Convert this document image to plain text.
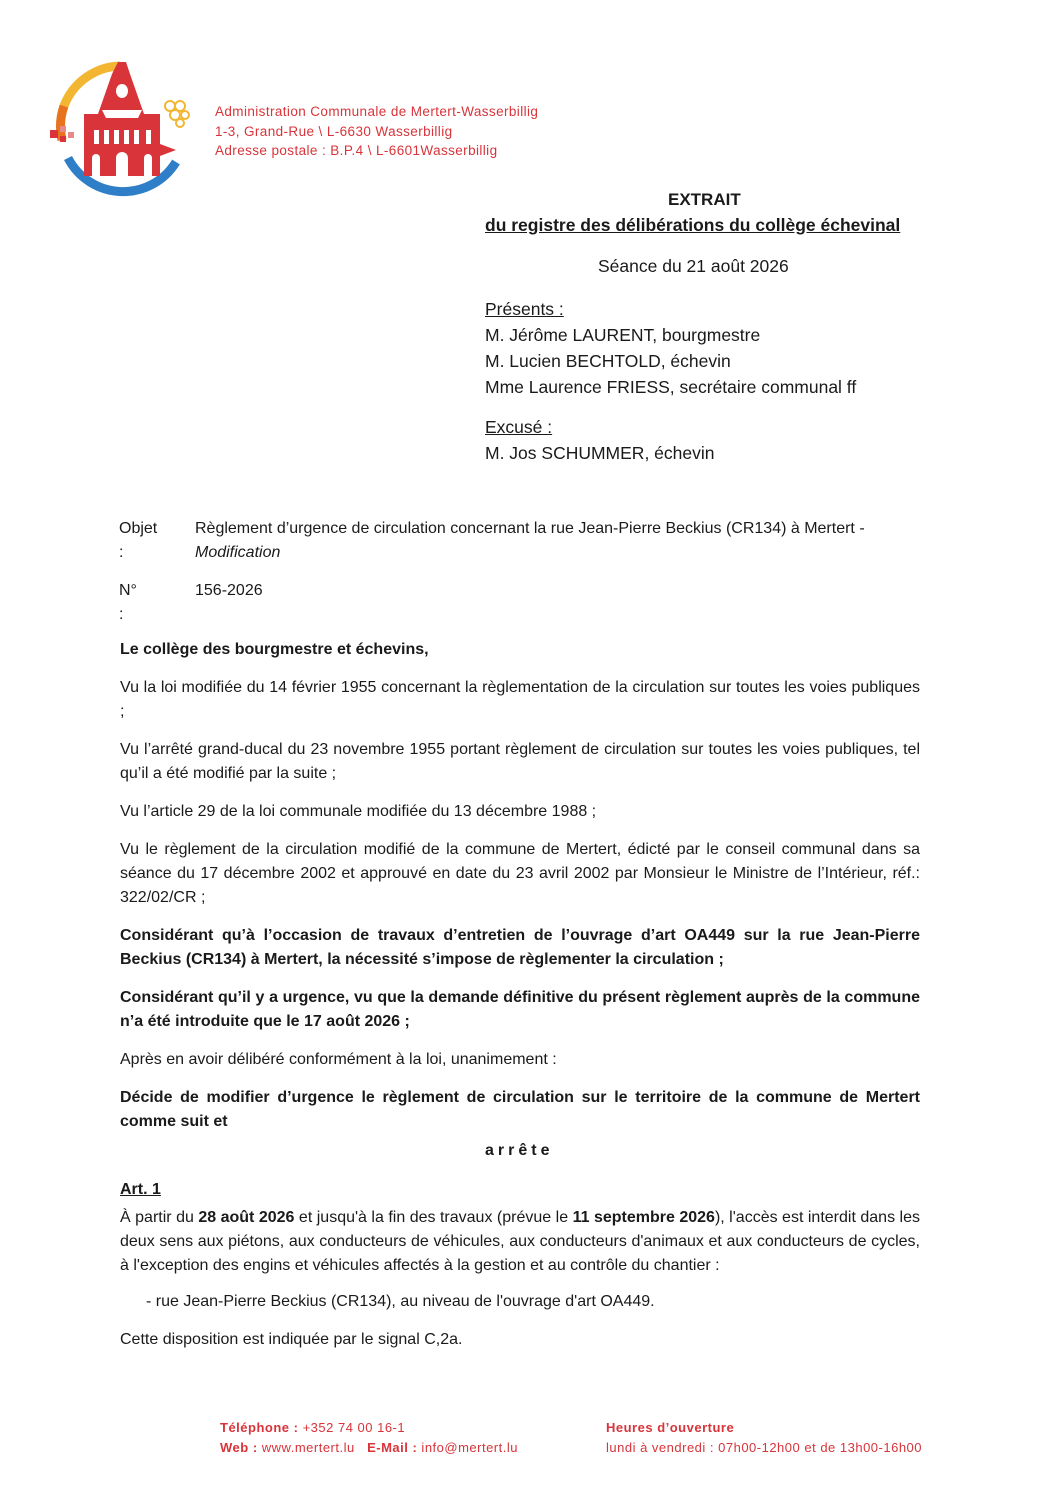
Administration Communale de Mertert-Wasserbillig
1-3, Grand-Rue \ L-6630 Wasserbillig
Adresse postale : B.P.4 \ L-6601Wasserbillig
EXTRAIT
du registre des délibérations du collège échevinal
Séance du 21 août 2026
Présents :
M. Jérôme LAURENT, bourgmestre
M. Lucien BECHTOLD, échevin
Mme Laurence FRIESS, secrétaire communal ff
Excusé :
M. Jos SCHUMMER, échevin
Objet :
Règlement d’urgence de circulation concernant la rue Jean-Pierre Beckius (CR134) à Mertert -
Modification
N° :
156-2026

Le collège des bourgmestre et échevins,

Vu la loi modifiée du 14 février 1955 concernant la règlementation de la circulation sur toutes les voies publiques ;

Vu l’arrêté grand-ducal du 23 novembre 1955 portant règlement de circulation sur toutes les voies publiques, tel qu’il a été modifié par la suite ;

Vu l’article 29 de la loi communale modifiée du 13 décembre 1988 ;

Vu le règlement de la circulation modifié de la commune de Mertert, édicté par le conseil communal dans sa séance du 17 décembre 2002 et approuvé en date du 23 avril 2002 par Monsieur le Ministre de l’Intérieur, réf.: 322/02/CR ;

Considérant qu’à l’occasion de travaux d’entretien de l’ouvrage d’art OA449 sur la rue Jean-Pierre Beckius (CR134) à Mertert, la nécessité s’impose de règlementer la circulation ;

Considérant qu’il y a urgence, vu que la demande définitive du présent règlement auprès de la commune n’a été introduite que le 17 août 2026 ;

Après en avoir délibéré conformément à la loi, unanimement :

Décide de modifier d’urgence le règlement de circulation sur le territoire de la commune de Mertert comme suit et

arrête
Art. 1
À partir du 28 août 2026 et jusqu'à la fin des travaux (prévue le 11 septembre 2026), l'accès est interdit dans les deux sens aux piétons, aux conducteurs de véhicules, aux conducteurs d'animaux et aux conducteurs de cycles, à l'exception des engins et véhicules affectés à la gestion et au contrôle du chantier :
- rue Jean-Pierre Beckius (CR134), au niveau de l'ouvrage d'art OA449.
Cette disposition est indiquée par le signal C,2a.
Téléphone : +352 74 00 16-1
Web : www.mertert.lu E-Mail : info@mertert.lu
Heures d’ouverture
lundi à vendredi : 07h00-12h00 et de 13h00-16h00
